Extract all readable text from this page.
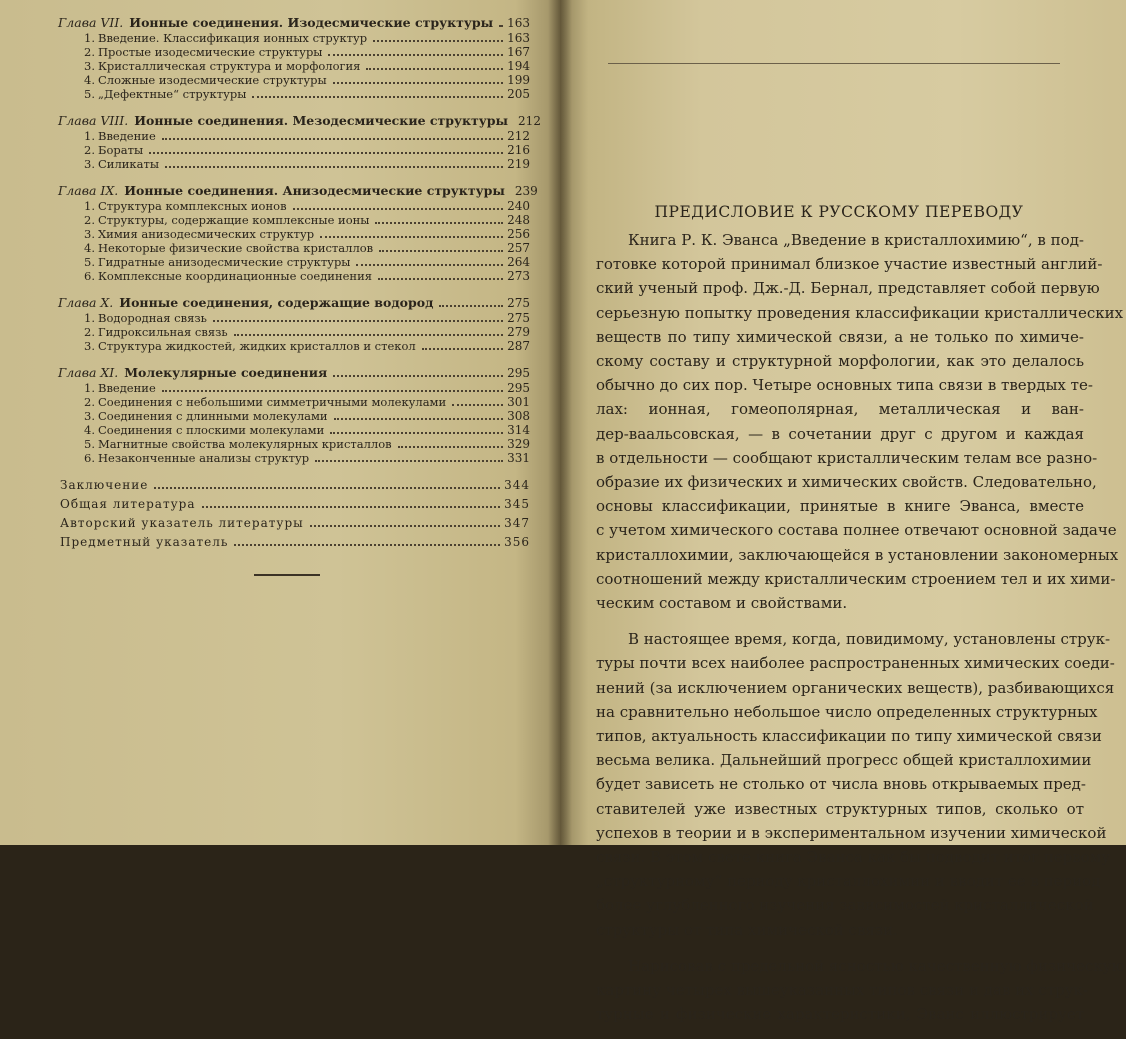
Глава VII. Ионные соединения. Изодесмические структуры 163
1. Введение. Классификация ионных структур	163
2. Простые изодесмические структуры	167
3. Кристаллическая структура и морфология	194
4. Сложные изодесмические структуры	199
5. „Дефектные“ структуры	205
Глава VIII. Ионные соединения. Мезодесмические структуры 212
1. Введение	212
2. Бораты	216
3. Силикаты	219
Глава IX. Ионные соединения. Анизодесмические структуры 239
1. Структура комплексных ионов	240
2. Структуры, содержащие комплексные ионы	248
3. Химия анизодесмических структур	256
4. Некоторые физические свойства кристаллов	257
5. Гидратные анизодесмические структуры	264
6. Комплексные координационные соединения	273
Глава X. Ионные соединения, содержащие водород	275
1. Водородная связь	275
2. Гидроксильная связь	279
3. Структура жидкостей, жидких кристаллов и стекол	287
Глава XI. Молекулярные соединения	295
1. Введение	295
2. Соединения с небольшими симметричными молекулами	301
3. Соединения с длинными молекулами	308
4. Соединения с плоскими молекулами	314
5. Магнитные свойства молекулярных кристаллов	329
6. Незаконченные анализы структур	331
Заключение	344
Общая литература	345
Авторский указатель литературы	347
Предметный указатель	356
ПРЕДИСЛОВИЕ К РУССКОМУ ПЕРЕВОДУ
Книга Р. К. Эванса „Введение в кристаллохимию“, в под-
готовке которой принимал близкое участие известный англий-
ский ученый проф. Дж.-Д. Бернал, представляет собой первую
серьезную попытку проведения классификации кристаллических
веществ по типу химической связи, а не только по химиче-
скому составу и структурной морфологии, как это делалось
обычно до сих пор. Четыре основных типа связи в твердых те-
лах: ионная, гомеополярная, металлическая и ван-
дер-ваальсовская, — в сочетании друг с другом и каждая
в отдельности — сообщают кристаллическим телам все разно-
образие их физических и химических свойств. Следовательно,
основы классификации, принятые в книге Эванса, вместе
с учетом химического состава полнее отвечают основной задаче
кристаллохимии, заключающейся в установлении закономерных
соотношений между кристаллическим строением тел и их хими-
ческим составом и свойствами.
В настоящее время, когда, повидимому, установлены струк-
туры почти всех наиболее распространенных химических соеди-
нений (за исключением органических веществ), разбивающихся
на сравнительно небольшое число определенных структурных
типов, актуальность классификации по типу химической связи
весьма велика. Дальнейший прогресс общей кристаллохимии
будет зависеть не столько от числа вновь открываемых пред-
ставителей уже известных структурных типов, сколько от
успехов в теории и в экспериментальном изучении химической
связи. В этом свете книга Эванса как бы подводит итог первому
„структурному“ периоду кристаллохимии и вводит ее в период
более углубленного изучения зависимостей кристаллической
структуры от типа химической связи.
Нарисовав с предельной ясностью качественную физическую
картину четырех вышеуказанных типов связи и дав их струк-
турные и физические характеристики, Эванс иллюстрирует
